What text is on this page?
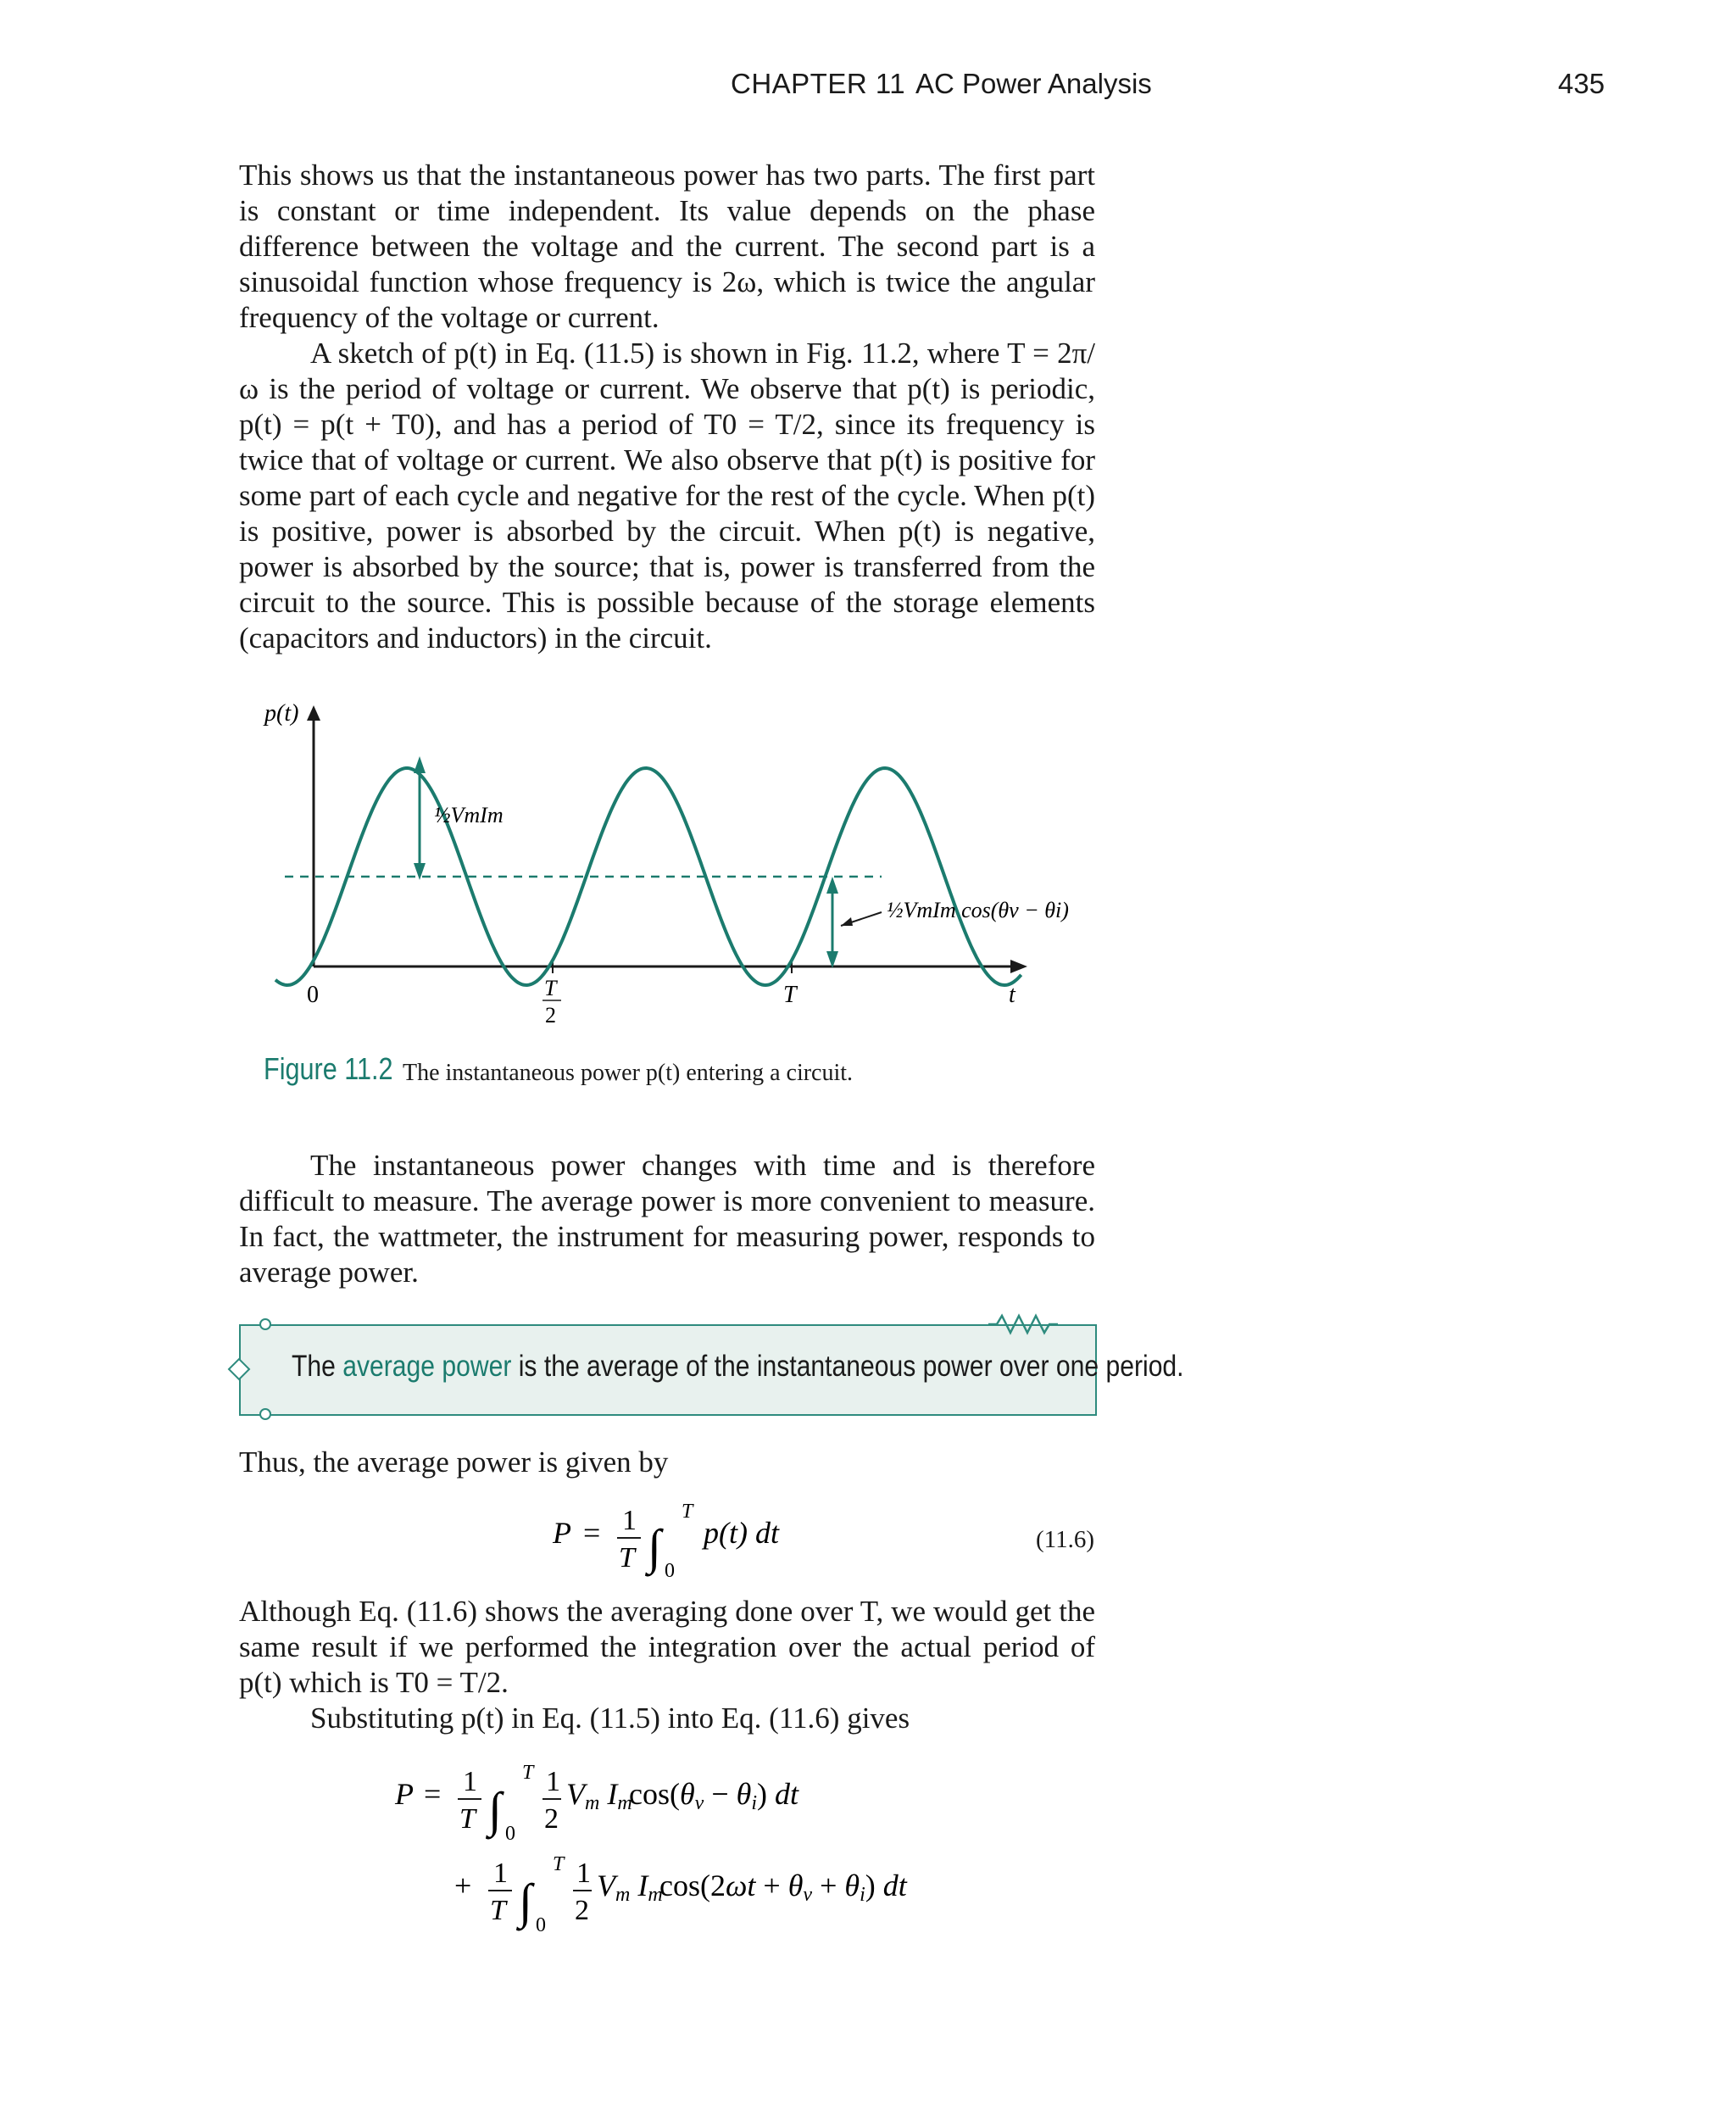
CHAPTER 11 AC Power Analysis	435

This shows us that the instantaneous power has two parts. The first part is constant or time independent. Its value depends on the phase difference between the voltage and the current. The second part is a sinusoidal function whose frequency is 2ω, which is twice the angular frequency of the voltage or current.

A sketch of p(t) in Eq. (11.5) is shown in Fig. 11.2, where T = 2π/ω is the period of voltage or current. We observe that p(t) is periodic, p(t) = p(t + T0), and has a period of T0 = T/2, since its frequency is twice that of voltage or current. We also observe that p(t) is positive for some part of each cycle and negative for the rest of the cycle. When p(t) is positive, power is absorbed by the circuit. When p(t) is negative, power is absorbed by the source; that is, power is transferred from the circuit to the source. This is possible because of the storage elements (capacitors and inductors) in the circuit.

p(t)
0	T
2
T	t
½VmIm
½VmIm cos(θv − θi)
Figure 11.2 The instantaneous power p(t) entering a circuit.

The instantaneous power changes with time and is therefore difficult to measure. The average power is more convenient to measure. In fact, the wattmeter, the instrument for measuring power, responds to average power.

The average power is the average of the instantaneous power over one period.

Thus, the average power is given by

P = 1
T ∫
T
0
p(t) dt	(11.6)

Although Eq. (11.6) shows the averaging done over T, we would get the same result if we performed the integration over the actual period of p(t) which is T0 = T/2.

Substituting p(t) in Eq. (11.5) into Eq. (11.6) gives

P = 1
T ∫
T
0
1
2
Vm Im
cos(θv − θi) dt
+ 1
T ∫
T
0
1
2
Vm Im
cos(2ωt + θv + θi) dt
